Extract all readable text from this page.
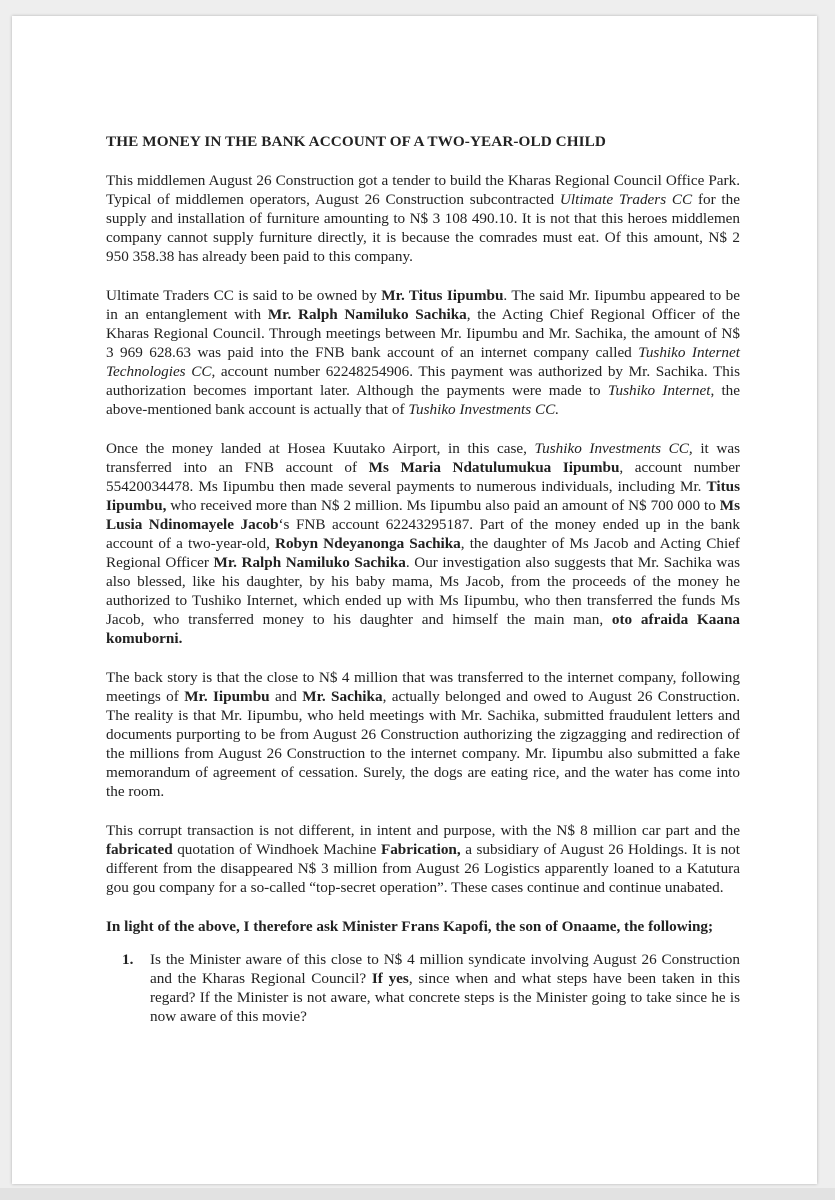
THE MONEY IN THE BANK ACCOUNT OF A TWO-YEAR-OLD CHILD

This middlemen August 26 Construction got a tender to build the Kharas Regional Council Office Park. Typical of middlemen operators, August 26 Construction subcontracted Ultimate Traders CC for the supply and installation of furniture amounting to N$ 3 108 490.10. It is not that this heroes middlemen company cannot supply furniture directly, it is because the comrades must eat. Of this amount, N$ 2 950 358.38 has already been paid to this company.

Ultimate Traders CC is said to be owned by Mr. Titus Iipumbu. The said Mr. Iipumbu appeared to be in an entanglement with Mr. Ralph Namiluko Sachika, the Acting Chief Regional Officer of the Kharas Regional Council. Through meetings between Mr. Iipumbu and Mr. Sachika, the amount of N$ 3 969 628.63 was paid into the FNB bank account of an internet company called Tushiko Internet Technologies CC, account number 62248254906. This payment was authorized by Mr. Sachika. This authorization becomes important later. Although the payments were made to Tushiko Internet, the above-mentioned bank account is actually that of Tushiko Investments CC.

Once the money landed at Hosea Kuutako Airport, in this case, Tushiko Investments CC, it was transferred into an FNB account of Ms Maria Ndatulumukua Iipumbu, account number 55420034478. Ms Iipumbu then made several payments to numerous individuals, including Mr. Titus Iipumbu, who received more than N$ 2 million. Ms Iipumbu also paid an amount of N$ 700 000 to Ms Lusia Ndinomayele Jacob‘s FNB account 62243295187. Part of the money ended up in the bank account of a two-year-old, Robyn Ndeyanonga Sachika, the daughter of Ms Jacob and Acting Chief Regional Officer Mr. Ralph Namiluko Sachika. Our investigation also suggests that Mr. Sachika was also blessed, like his daughter, by his baby mama, Ms Jacob, from the proceeds of the money he authorized to Tushiko Internet, which ended up with Ms Iipumbu, who then transferred the funds Ms Jacob, who transferred money to his daughter and himself the main man, oto afraida Kaana komuborni.

The back story is that the close to N$ 4 million that was transferred to the internet company, following meetings of Mr. Iipumbu and Mr. Sachika, actually belonged and owed to August 26 Construction. The reality is that Mr. Iipumbu, who held meetings with Mr. Sachika, submitted fraudulent letters and documents purporting to be from August 26 Construction authorizing the zigzagging and redirection of the millions from August 26 Construction to the internet company. Mr. Iipumbu also submitted a fake memorandum of agreement of cessation. Surely, the dogs are eating rice, and the water has come into the room.

This corrupt transaction is not different, in intent and purpose, with the N$ 8 million car part and the fabricated quotation of Windhoek Machine Fabrication, a subsidiary of August 26 Holdings. It is not different from the disappeared N$ 3 million from August 26 Logistics apparently loaned to a Katutura gou gou company for a so-called “top-secret operation”. These cases continue and continue unabated.

In light of the above, I therefore ask Minister Frans Kapofi, the son of Onaame, the following;

1. Is the Minister aware of this close to N$ 4 million syndicate involving August 26 Construction and the Kharas Regional Council? If yes, since when and what steps have been taken in this regard? If the Minister is not aware, what concrete steps is the Minister going to take since he is now aware of this movie?
